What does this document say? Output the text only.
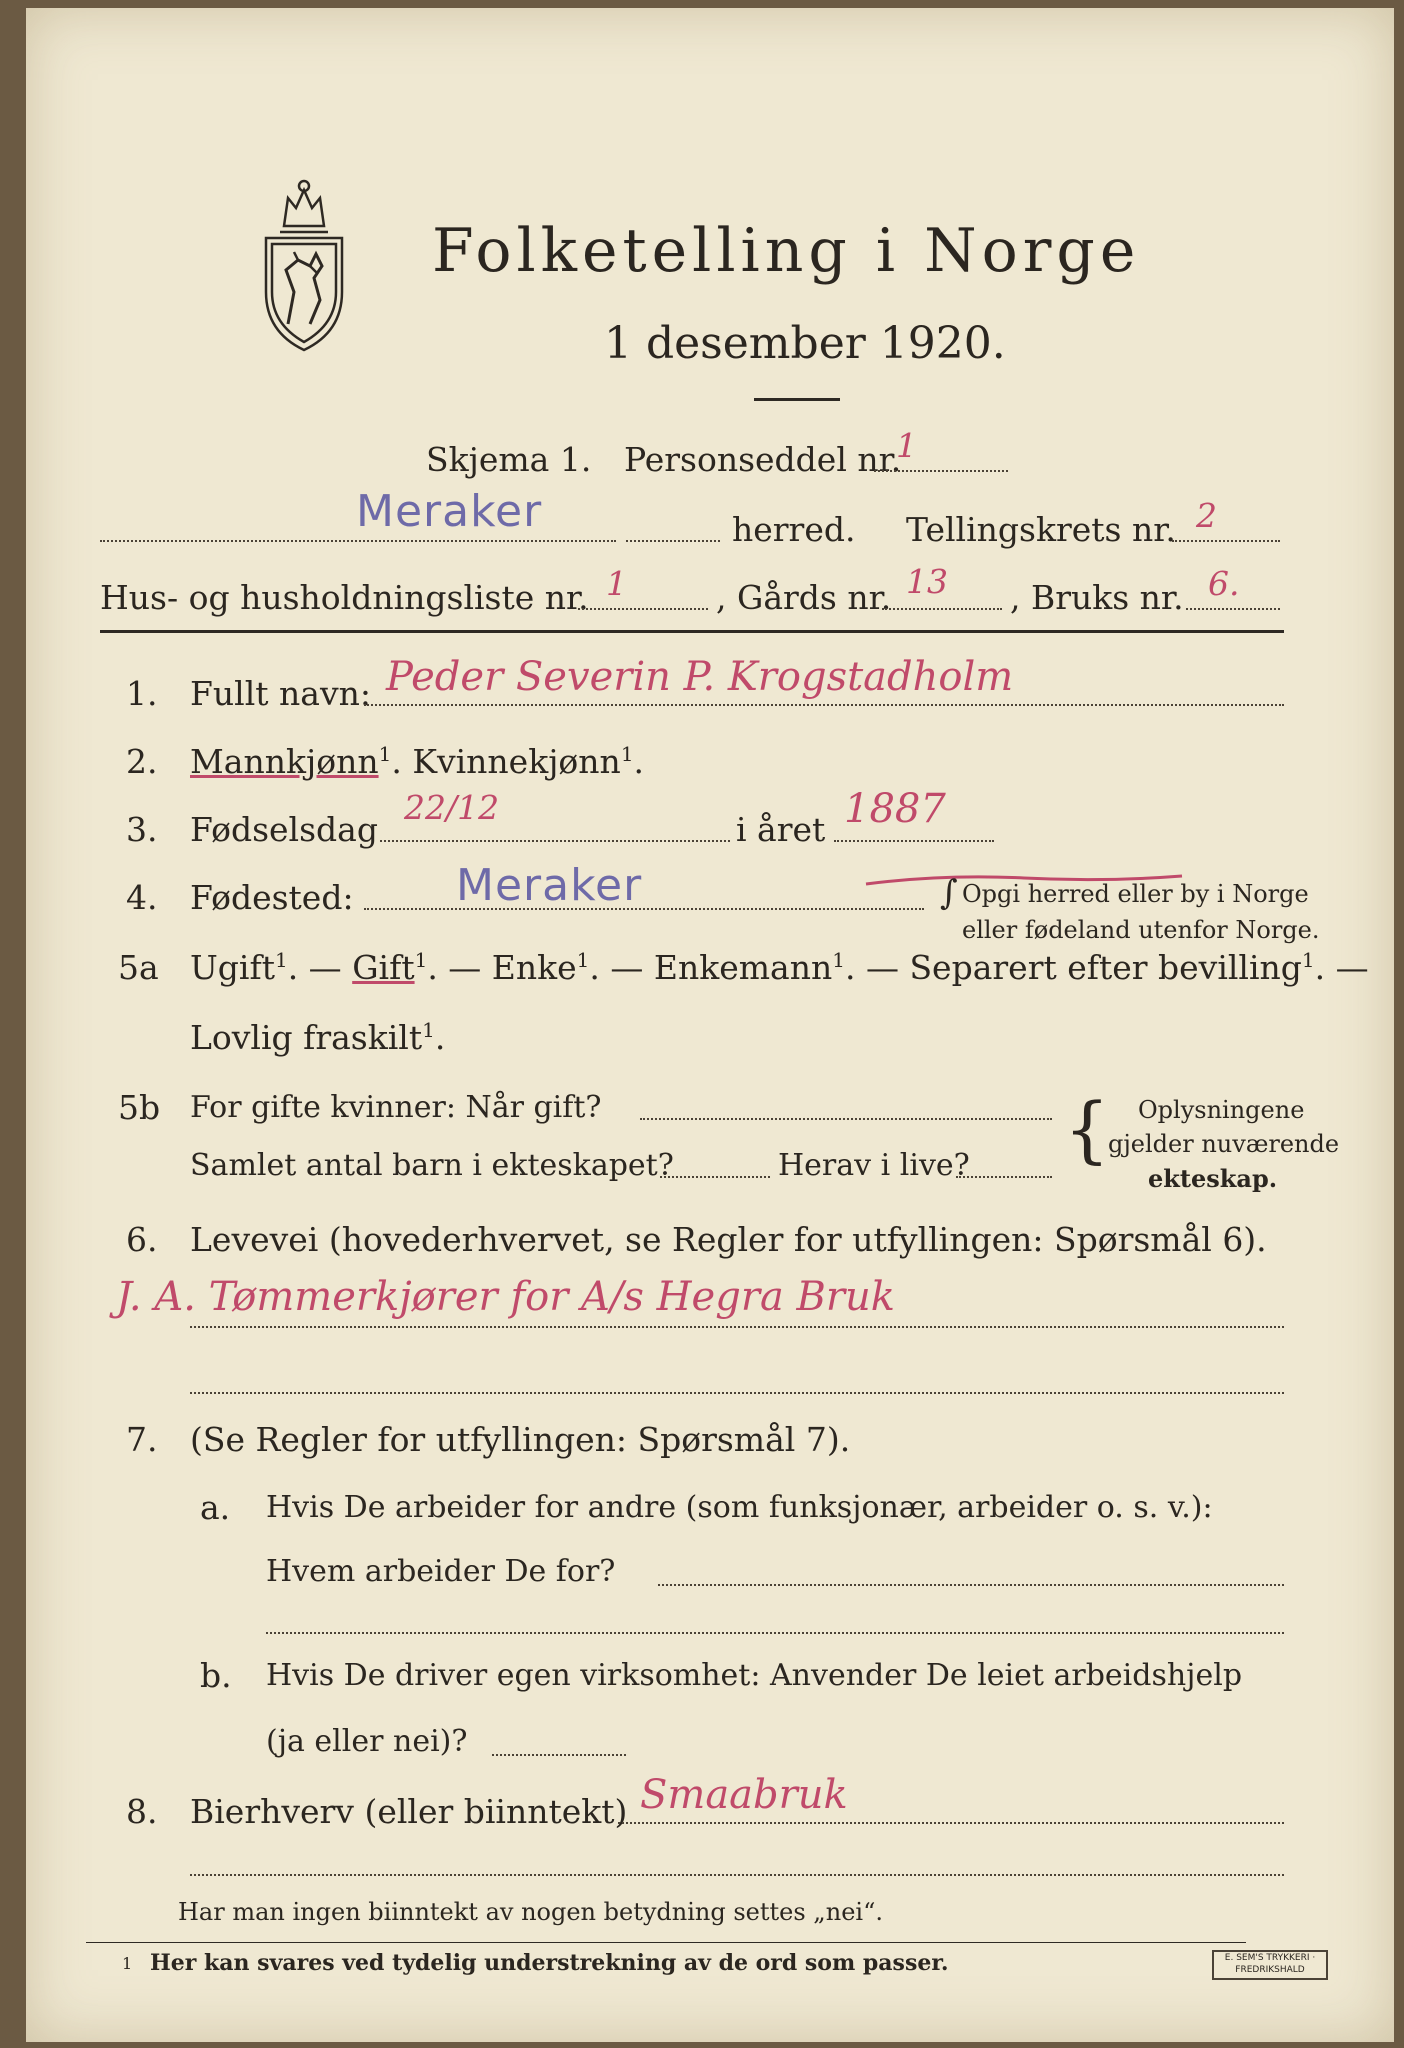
Folketelling i Norge
1 desember 1920.
Skjema 1. Personseddel nr.
1
Meraker	herred. Tellingskrets nr. 2
Hus- og husholdningsliste nr. 1	, Gårds nr. 13 , Bruks nr. 6.
1. Fullt navn: Peder Severin P. Krogstadholm
2. Mannkjønn$^1$. Kvinnekjønn$^1$.
3. Fødselsdag
22/12
i året 1887
4. Fødested: Meraker	∫ Opgi herred eller by i Norge
eller fødeland utenfor Norge.
5a Ugift$^1$. — Gift$^1$. — Enke$^1$. — Enkemann$^1$. — Separert efter bevilling$^1$. —
Lovlig fraskilt$^1$.
5b For gifte kvinner: Når gift?
Samlet antal barn i ekteskapet?	Herav i live? { Oplysningene
gjelder nuværende
ekteskap.
6. Levevei (hovederhvervet, se Regler for utfyllingen: Spørsmål 6).
J. A. Tømmerkjører for A/s Hegra Bruk
7. (Se Regler for utfyllingen: Spørsmål 7).
a. Hvis De arbeider for andre (som funksjonær, arbeider o. s. v.):
Hvem arbeider De for?
b. Hvis De driver egen virksomhet: Anvender De leiet arbeidshjelp
(ja eller nei)?
8. Bierhverv (eller biinntekt) Smaabruk
Har man ingen biinntekt av nogen betydning settes „nei“.
1 Her kan svares ved tydelig understrekning av de ord som passer.	E. SEM'S TRYKKERI · FREDRIKSHALD
